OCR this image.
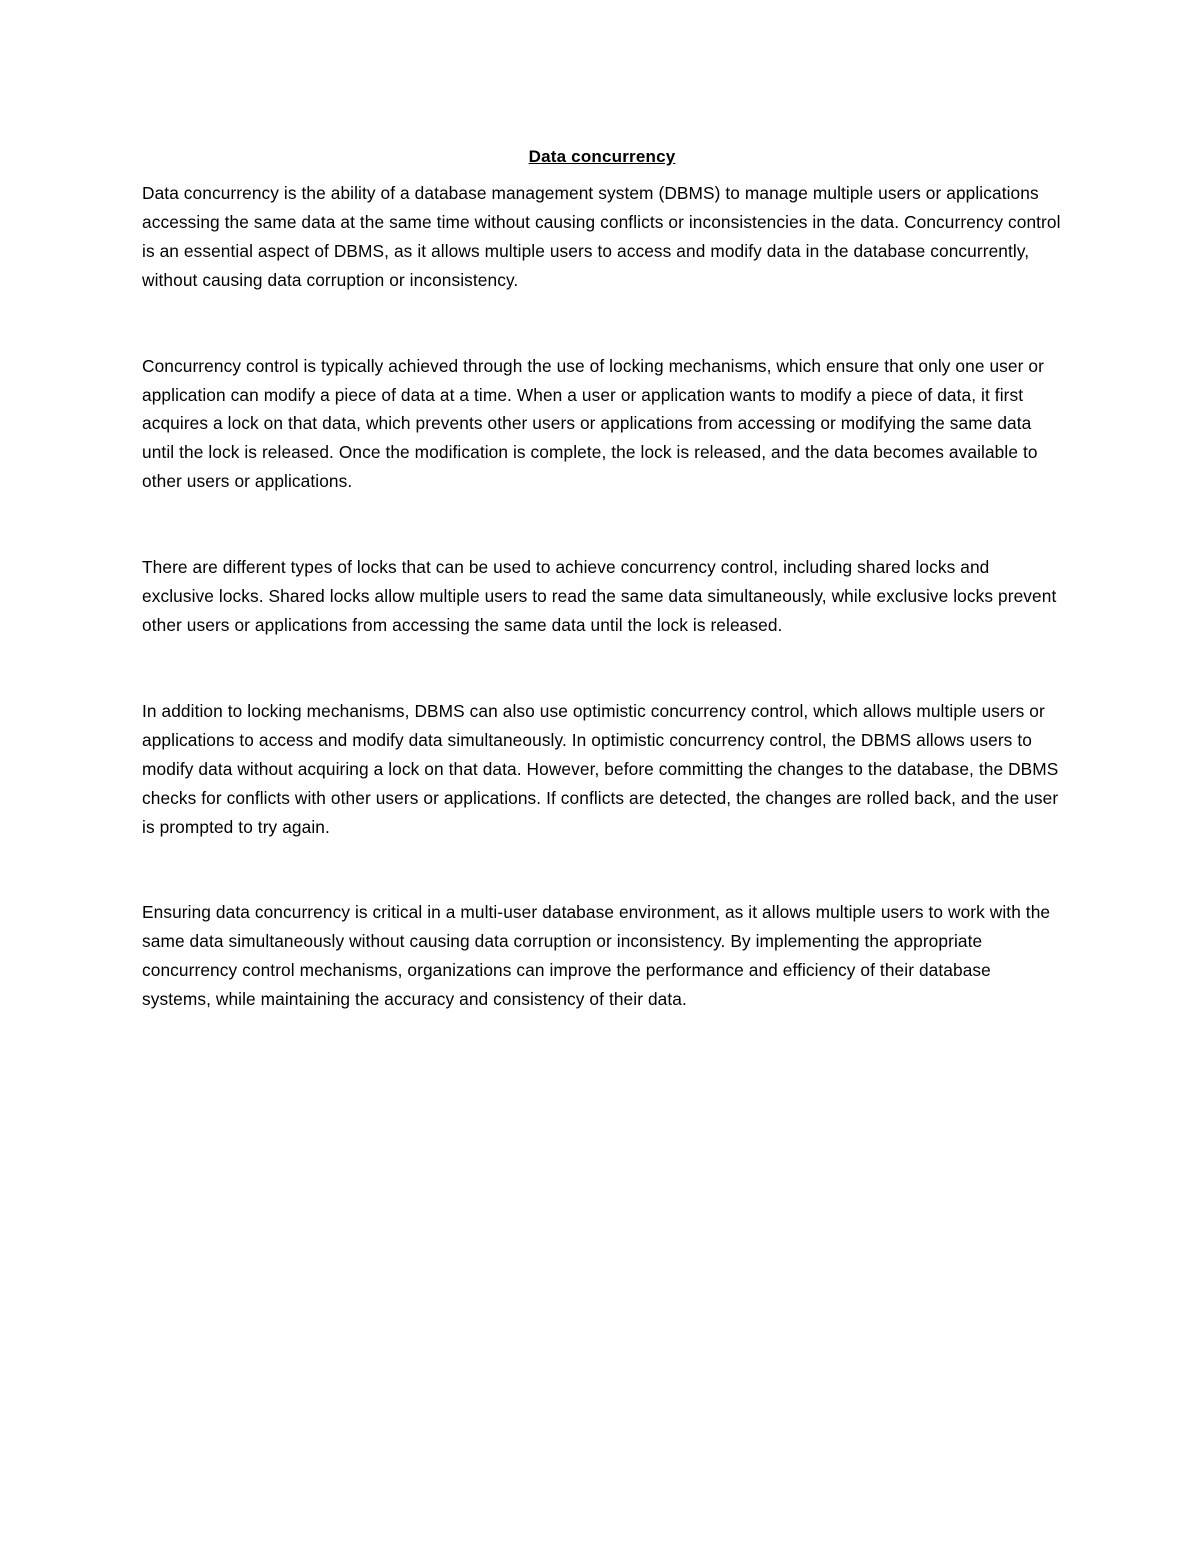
Data concurrency

Data concurrency is the ability of a database management system (DBMS) to manage multiple users or applications accessing the same data at the same time without causing conflicts or inconsistencies in the data. Concurrency control is an essential aspect of DBMS, as it allows multiple users to access and modify data in the database concurrently, without causing data corruption or inconsistency.

Concurrency control is typically achieved through the use of locking mechanisms, which ensure that only one user or application can modify a piece of data at a time. When a user or application wants to modify a piece of data, it first acquires a lock on that data, which prevents other users or applications from accessing or modifying the same data until the lock is released. Once the modification is complete, the lock is released, and the data becomes available to other users or applications.

There are different types of locks that can be used to achieve concurrency control, including shared locks and exclusive locks. Shared locks allow multiple users to read the same data simultaneously, while exclusive locks prevent other users or applications from accessing the same data until the lock is released.

In addition to locking mechanisms, DBMS can also use optimistic concurrency control, which allows multiple users or applications to access and modify data simultaneously. In optimistic concurrency control, the DBMS allows users to modify data without acquiring a lock on that data. However, before committing the changes to the database, the DBMS checks for conflicts with other users or applications. If conflicts are detected, the changes are rolled back, and the user is prompted to try again.

Ensuring data concurrency is critical in a multi-user database environment, as it allows multiple users to work with the same data simultaneously without causing data corruption or inconsistency. By implementing the appropriate concurrency control mechanisms, organizations can improve the performance and efficiency of their database systems, while maintaining the accuracy and consistency of their data.
